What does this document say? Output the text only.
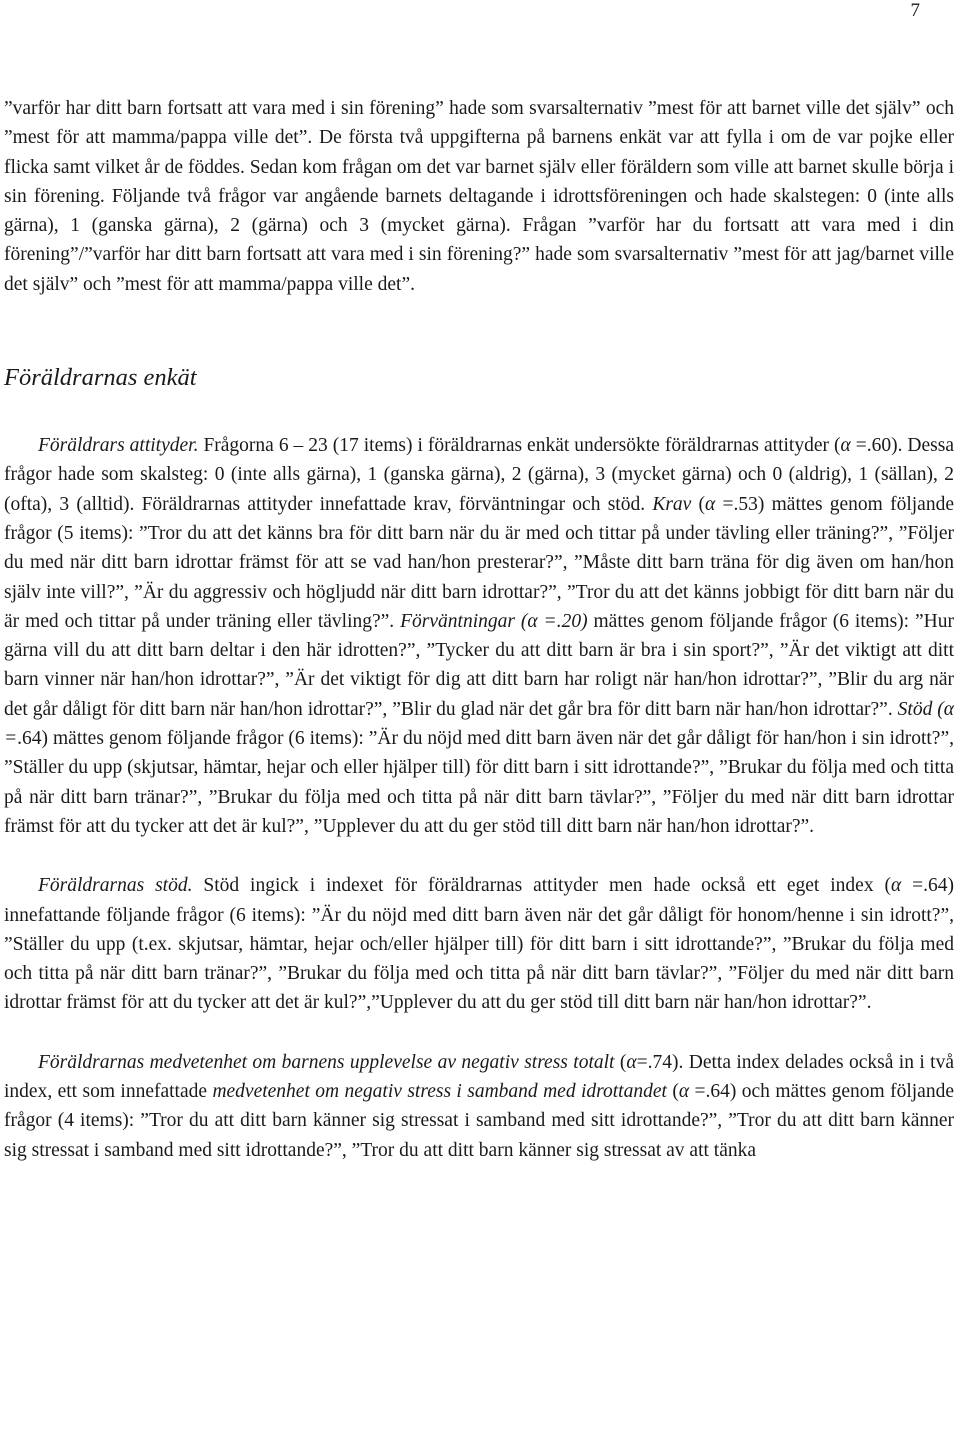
7

”varför har ditt barn fortsatt att vara med i sin förening” hade som svarsalternativ ”mest för att barnet ville det själv” och ”mest för att mamma/pappa ville det”. De första två uppgifterna på barnens enkät var att fylla i om de var pojke eller flicka samt vilket år de föddes. Sedan kom frågan om det var barnet själv eller föräldern som ville att barnet skulle börja i sin förening. Följande två frågor var angående barnets deltagande i idrottsföreningen och hade skalstegen: 0 (inte alls gärna), 1 (ganska gärna), 2 (gärna) och 3 (mycket gärna). Frågan ”varför har du fortsatt att vara med i din förening”/”varför har ditt barn fortsatt att vara med i sin förening?” hade som svarsalternativ ”mest för att jag/barnet ville det själv” och ”mest för att mamma/pappa ville det”.

Föräldrarnas enkät

Föräldrars attityder. Frågorna 6 – 23 (17 items) i föräldrarnas enkät undersökte föräldrarnas attityder (α =.60). Dessa frågor hade som skalsteg: 0 (inte alls gärna), 1 (ganska gärna), 2 (gärna), 3 (mycket gärna) och 0 (aldrig), 1 (sällan), 2 (ofta), 3 (alltid). Föräldrarnas attityder innefattade krav, förväntningar och stöd. Krav (α =.53) mättes genom följande frågor (5 items): ”Tror du att det känns bra för ditt barn när du är med och tittar på under tävling eller träning?”, ”Följer du med när ditt barn idrottar främst för att se vad han/hon presterar?”, ”Måste ditt barn träna för dig även om han/hon själv inte vill?”, ”Är du aggressiv och högljudd när ditt barn idrottar?”, ”Tror du att det känns jobbigt för ditt barn när du är med och tittar på under träning eller tävling?”. Förväntningar (α =.20) mättes genom följande frågor (6 items): ”Hur gärna vill du att ditt barn deltar i den här idrotten?”, ”Tycker du att ditt barn är bra i sin sport?”, ”Är det viktigt att ditt barn vinner när han/hon idrottar?”, ”Är det viktigt för dig att ditt barn har roligt när han/hon idrottar?”, ”Blir du arg när det går dåligt för ditt barn när han/hon idrottar?”, ”Blir du glad när det går bra för ditt barn när han/hon idrottar?”. Stöd (α =.64) mättes genom följande frågor (6 items): ”Är du nöjd med ditt barn även när det går dåligt för han/hon i sin idrott?”, ”Ställer du upp (skjutsar, hämtar, hejar och eller hjälper till) för ditt barn i sitt idrottande?”, ”Brukar du följa med och titta på när ditt barn tränar?”, ”Brukar du följa med och titta på när ditt barn tävlar?”, ”Följer du med när ditt barn idrottar främst för att du tycker att det är kul?”, ”Upplever du att du ger stöd till ditt barn när han/hon idrottar?”.

Föräldrarnas stöd. Stöd ingick i indexet för föräldrarnas attityder men hade också ett eget index (α =.64) innefattande följande frågor (6 items): ”Är du nöjd med ditt barn även när det går dåligt för honom/henne i sin idrott?”, ”Ställer du upp (t.ex. skjutsar, hämtar, hejar och/eller hjälper till) för ditt barn i sitt idrottande?”, ”Brukar du följa med och titta på när ditt barn tränar?”, ”Brukar du följa med och titta på när ditt barn tävlar?”, ”Följer du med när ditt barn idrottar främst för att du tycker att det är kul?”,”Upplever du att du ger stöd till ditt barn när han/hon idrottar?”.

Föräldrarnas medvetenhet om barnens upplevelse av negativ stress totalt (α=.74). Detta index delades också in i två index, ett som innefattade medvetenhet om negativ stress i samband med idrottandet (α =.64) och mättes genom följande frågor (4 items): ”Tror du att ditt barn känner sig stressat i samband med sitt idrottande?”, ”Tror du att ditt barn känner sig stressat i samband med sitt idrottande?”, ”Tror du att ditt barn känner sig stressat av att tänka
